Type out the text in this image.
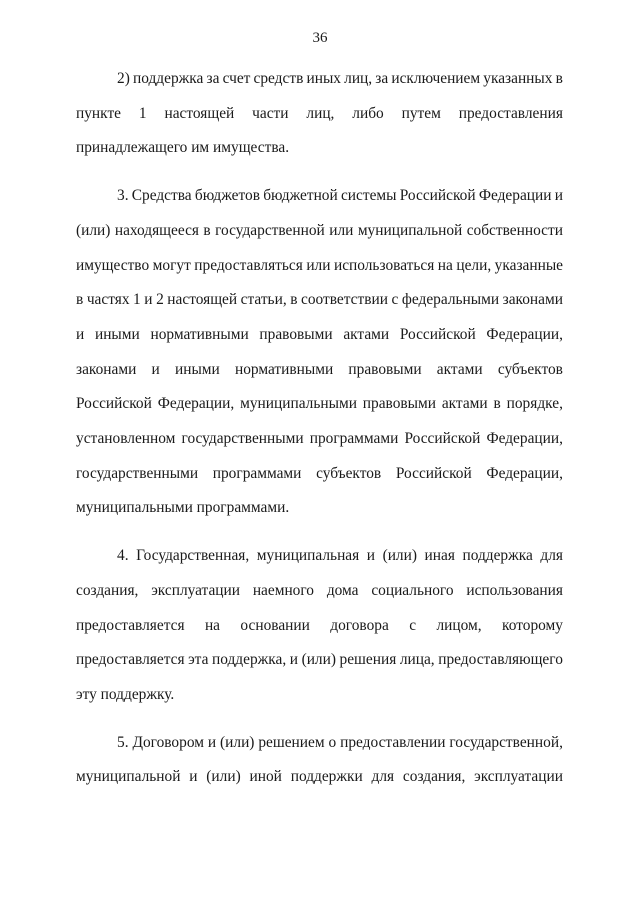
36

2) поддержка за счет средств иных лиц, за исключением указанных в
пункте 1 настоящей части лиц, либо путем предоставления
принадлежащего им имущества.

3. Средства бюджетов бюджетной системы Российской Федерации и
(или) находящееся в государственной или муниципальной собственности
имущество могут предоставляться или использоваться на цели, указанные
в частях 1 и 2 настоящей статьи, в соответствии с федеральными законами
и иными нормативными правовыми актами Российской Федерации,
законами и иными нормативными правовыми актами субъектов
Российской Федерации, муниципальными правовыми актами в порядке,
установленном государственными программами Российской Федерации,
государственными программами субъектов Российской Федерации,
муниципальными программами.

4. Государственная, муниципальная и (или) иная поддержка для
создания, эксплуатации наемного дома социального использования
предоставляется на основании договора с лицом, которому
предоставляется эта поддержка, и (или) решения лица, предоставляющего
эту поддержку.

5. Договором и (или) решением о предоставлении государственной,
муниципальной и (или) иной поддержки для создания, эксплуатации
